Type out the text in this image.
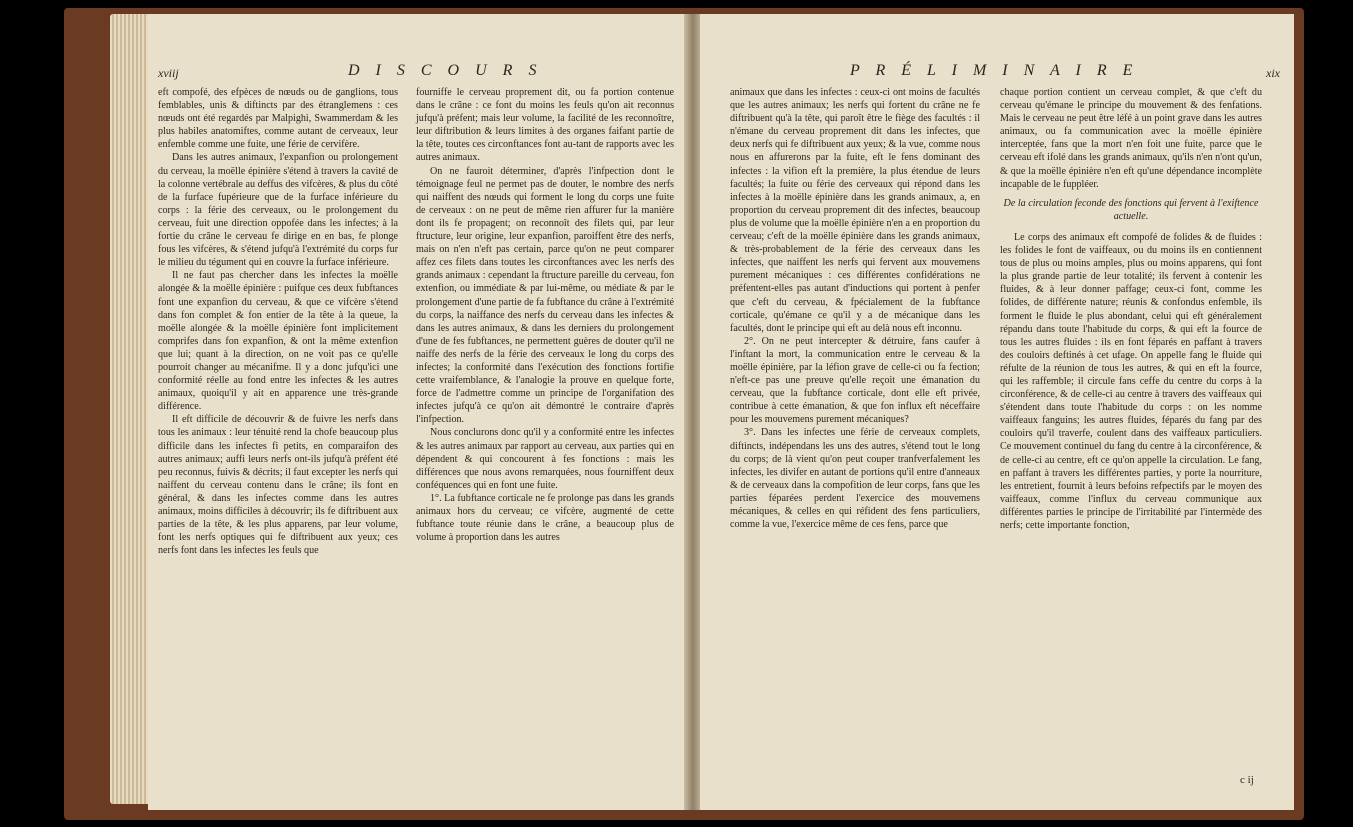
xviij	D I S C O U R S

eft compofé, des efpèces de nœuds ou de ganglions, tous femblables, unis & diftincts par des étranglemens : ces nœuds ont été regardés par Malpighi, Swammerdam & les plus habiles anatomiftes, comme autant de cerveaux, leur enfemble comme une fuite, une férie de cervifère.

Dans les autres animaux, l'expanfion ou prolongement du cerveau, la moëlle épinière s'étend à travers la cavité de la colonne vertébrale au deffus des vifcères, & plus du côté de la furface fupérieure que de la furface inférieure du corps : la férie des cerveaux, ou le prolongement du cerveau, fuit une direction oppofée dans les infectes; à la fortie du crâne le cerveau fe dirige en en bas, fe plonge fous les vifcères, & s'étend jufqu'à l'extrémité du corps fur le milieu du tégument qui en couvre la furface inférieure.

Il ne faut pas chercher dans les infectes la moëlle alongée & la moëlle épinière : puifque ces deux fubftances font une expanfion du cerveau, & que ce vifcère s'étend dans fon complet & fon entier de la tête à la queue, la moëlle alongée & la moëlle épinière font implicitement comprifes dans fon expanfion, & ont la même extenfion que lui; quant à la direction, on ne voit pas ce qu'elle pourroit changer au mécanifme. Il y a donc jufqu'ici une conformité réelle au fond entre les infectes & les autres animaux, quoiqu'il y ait en apparence une très-grande différence.

Il eft difficile de découvrir & de fuivre les nerfs dans tous les animaux : leur ténuité rend la chofe beaucoup plus difficile dans les infectes fi petits, en comparaifon des autres animaux; auffi leurs nerfs ont-ils jufqu'à préfent été peu reconnus, fuivis & décrits; il faut excepter les nerfs qui naiffent du cerveau contenu dans le crâne; ils font en général, & dans les infectes comme dans les autres animaux, moins difficiles à découvrir; ils fe diftribuent aux parties de la tête, & les plus apparens, par leur volume, font les nerfs optiques qui fe diftribuent aux yeux; ces nerfs font dans les infectes les feuls que

fourniffe le cerveau proprement dit, ou fa portion contenue dans le crâne : ce font du moins les feuls qu'on ait reconnus jufqu'à préfent; mais leur volume, la facilité de les reconnoître, leur diftribution & leurs limites à des organes faifant partie de la tête, toutes ces circonftances font au-tant de rapports avec les autres animaux.

On ne fauroit déterminer, d'après l'infpection dont le témoignage feul ne permet pas de douter, le nombre des nerfs qui naiffent des nœuds qui forment le long du corps une fuite de cerveaux : on ne peut de même rien affurer fur la manière dont ils fe propagent; on reconnoît des filets qui, par leur ftructure, leur origine, leur expanfion, paroiffent être des nerfs, mais on n'en n'eft pas certain, parce qu'on ne peut comparer affez ces filets dans toutes les circonftances avec les nerfs des grands animaux : cependant la ftructure pareille du cerveau, fon extenfion, ou immédiate & par lui-même, ou médiate & par le prolongement d'une partie de fa fubftance du crâne à l'extrémité du corps, la naiffance des nerfs du cerveau dans les infectes & dans les autres animaux, & dans les derniers du prolongement d'une de fes fubftances, ne permettent guères de douter qu'il ne naiffe des nerfs de la férie des cerveaux le long du corps des infectes; la conformité dans l'exécution des fonctions fortifie cette vraifemblance, & l'analogie la prouve en quelque forte, force de l'admettre comme un principe de l'organifation des infectes jufqu'à ce qu'on ait démontré le contraire d'après l'infpection.

Nous conclurons donc qu'il y a conformité entre les infectes & les autres animaux par rapport au cerveau, aux parties qui en dépendent & qui concourent à fes fonctions : mais les différences que nous avons remarquées, nous fourniffent deux conféquences qui en font une fuite.

1°. La fubftance corticale ne fe prolonge pas dans les grands animaux hors du cerveau; ce vifcère, augmenté de cette fubftance toute réunie dans le crâne, a beaucoup plus de volume à proportion dans les autres

P R É L I M I N A I R E	xix

animaux que dans les infectes : ceux-ci ont moins de facultés que les autres animaux; les nerfs qui fortent du crâne ne fe diftribuent qu'à la tête, qui paroît être le fiège des facultés : il n'émane du cerveau proprement dit dans les infectes, que deux nerfs qui fe diftribuent aux yeux; & la vue, comme nous nous en affurerons par la fuite, eft le fens dominant des infectes : la vifion eft la première, la plus étendue de leurs facultés; la fuite ou férie des cerveaux qui répond dans les infectes à la moëlle épinière dans les grands animaux, a, en proportion du cerveau proprement dit des infectes, beaucoup plus de volume que la moëlle épinière n'en a en proportion du cerveau; c'eft de la moëlle épinière dans les grands animaux, & très-probablement de la férie des cerveaux dans les infectes, que naiffent les nerfs qui fervent aux mouvemens purement mécaniques : ces différentes confidérations ne préfentent-elles pas autant d'inductions qui portent à penfer que c'eft du cerveau, & fpécialement de la fubftance corticale, qu'émane ce qu'il y a de mécanique dans les facultés, dont le principe qui eft au delà nous eft inconnu.

2°. On ne peut intercepter & détruire, fans caufer à l'inftant la mort, la communication entre le cerveau & la moëlle épinière, par la léfion grave de celle-ci ou fa fection; n'eft-ce pas une preuve qu'elle reçoit une émanation du cerveau, que la fubftance corticale, dont elle eft privée, contribue à cette émanation, & que fon influx eft néceffaire pour les mouvemens purement mécaniques?

3°. Dans les infectes une férie de cerveaux complets, diftincts, indépendans les uns des autres, s'étend tout le long du corps; de là vient qu'on peut couper tranfverfalement les infectes, les divifer en autant de portions qu'il entre d'anneaux & de cerveaux dans la compofition de leur corps, fans que les parties féparées perdent l'exercice des mouvemens mécaniques, & celles en qui réfident des fens particuliers, comme la vue, l'exercice même de ces fens, parce que

chaque portion contient un cerveau complet, & que c'eft du cerveau qu'émane le principe du mouvement & des fenfations. Mais le cerveau ne peut être léfé à un point grave dans les autres animaux, ou fa communication avec la moëlle épinière interceptée, fans que la mort n'en foit une fuite, parce que le cerveau eft ifolé dans les grands animaux, qu'ils n'en n'ont qu'un, & que la moëlle épinière n'en eft qu'une dépendance incomplète incapable de le fuppléer.

De la circulation feconde des fonctions qui fervent à l'exiftence actuelle.

Le corps des animaux eft compofé de folides & de fluides : les folides le font de vaiffeaux, ou du moins ils en contiennent tous de plus ou moins amples, plus ou moins apparens, qui font la plus grande partie de leur totalité; ils fervent à contenir les fluides, & à leur donner paffage; ceux-ci font, comme les folides, de différente nature; réunis & confondus enfemble, ils forment le fluide le plus abondant, celui qui eft généralement répandu dans toute l'habitude du corps, & qui eft la fource de tous les autres fluides : ils en font féparés en paffant à travers des couloirs deftinés à cet ufage. On appelle fang le fluide qui réfulte de la réunion de tous les autres, & qui en eft la fource, qui les raffemble; il circule fans ceffe du centre du corps à la circonférence, & de celle-ci au centre à travers des vaiffeaux qui s'étendent dans toute l'habitude du corps : on les nomme vaiffeaux fanguins; les autres fluides, féparés du fang par des couloirs qu'il traverfe, coulent dans des vaiffeaux particuliers. Ce mouvement continuel du fang du centre à la circonférence, & de celle-ci au centre, eft ce qu'on appelle la circulation. Le fang, en paffant à travers les différentes parties, y porte la nourriture, les entretient, fournit à leurs befoins refpectifs par le moyen des vaiffeaux, comme l'influx du cerveau communique aux différentes parties le principe de l'irritabilité par l'intermède des nerfs; cette importante fonction,

c ij
